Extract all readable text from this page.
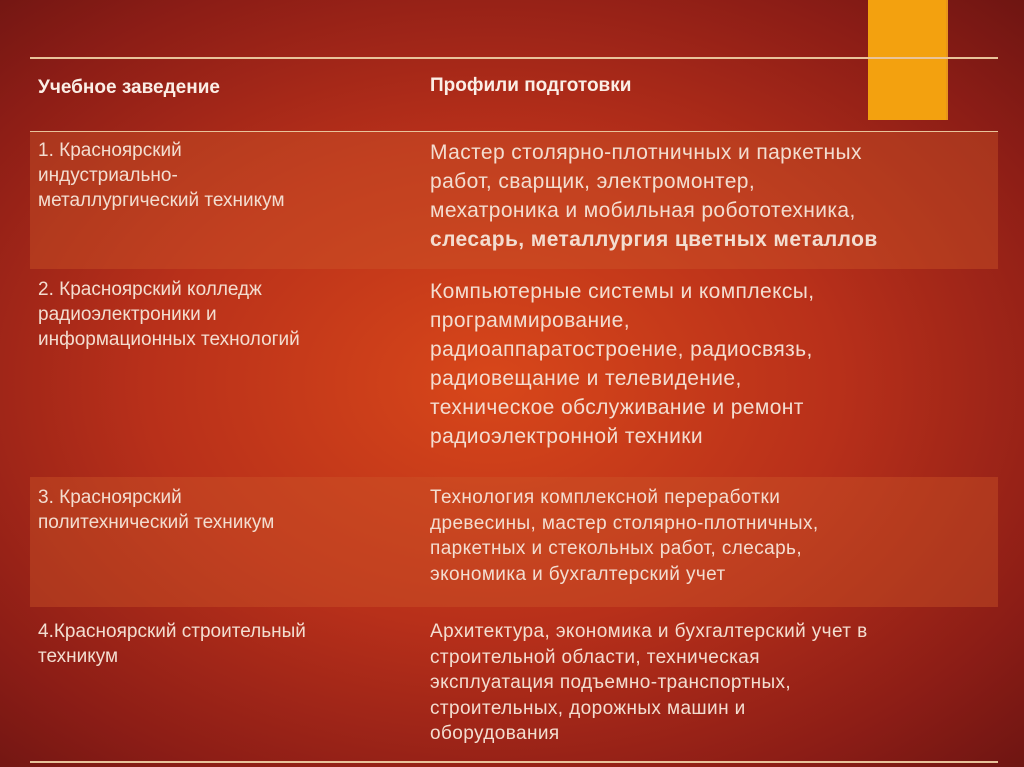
Учебное заведение	Профили подготовки
1. Красноярский
индустриально-
металлургический техникум
Мастер столярно-плотничных и паркетных
работ, сварщик, электромонтер,
мехатроника и мобильная робототехника,
слесарь, металлургия цветных металлов
2. Красноярский колледж
радиоэлектроники и
информационных технологий
Компьютерные системы и комплексы,
программирование,
радиоаппаратостроение, радиосвязь,
радиовещание и телевидение,
техническое обслуживание и ремонт
радиоэлектронной техники
3. Красноярский
политехнический техникум
Технология комплексной переработки
древесины, мастер столярно-плотничных,
паркетных и стекольных работ, слесарь,
экономика и бухгалтерский учет
4.Красноярский строительный
техникум
Архитектура, экономика и бухгалтерский учет в
строительной области, техническая
эксплуатация подъемно-транспортных,
строительных, дорожных машин и
оборудования
